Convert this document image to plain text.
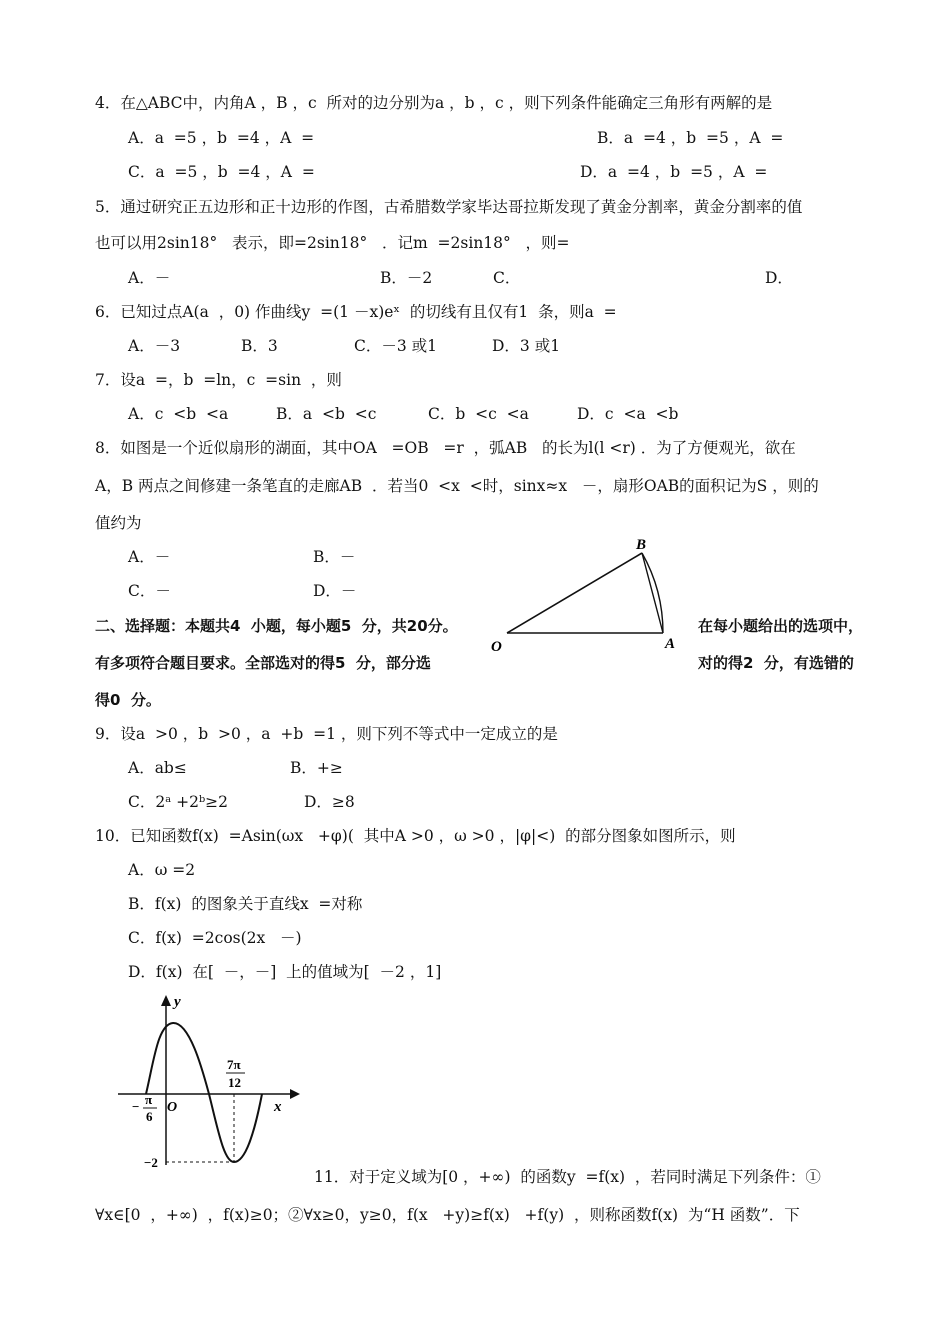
4．在△ABC中，内角A ，B ，c  所对的边分别为a ，b ，c ，则下列条件能确定三角形有两解的是
A．a  =5 ，b  =4 ，A  =	B．a  =4 ，b  =5 ，A  =
C．a  =5 ，b  =4 ，A  =	D．a  =4 ，b  =5 ，A  =
5．通过研究正五边形和正十边形的作图，古希腊数学家毕达哥拉斯发现了黄金分割率，黄金分割率的值
也可以用2sin18°   表示，即=2sin18°   ．记m  =2sin18°   ，则=
A．－	B．－2	C．	D．
6．已知过点A(a  ，0) 作曲线y  =(1 －x)eˣ  的切线有且仅有1  条，则a  =
A．－3	B．3	C．－3 或1	D．3 或1
7．设a  =，b  =ln，c  =sin  ，则
A．c  <b  <a	B．a  <b  <c	C．b  <c  <a	D．c  <a  <b
8．如图是一个近似扇形的湖面，其中OA   =OB   =r  ，弧AB   的长为l(l <r) ．为了方便观光，欲在
A，B 两点之间修建一条笔直的走廊AB  ．若当0  <x  <时，sinx≈x   －，扇形OAB的面积记为S ，则的
值约为
A．－	B．－
C．－	D．－
B
O	A
二、选择题：本题共4  小题，每小题5  分，共20分。	在每小题给出的选项中，
有多项符合题目要求。全部选对的得5  分，部分选	对的得2  分，有选错的
得0  分。
9．设a  >0 ，b  >0 ，a  +b  =1 ，则下列不等式中一定成立的是
A．ab≤	B．+≥
C．2ᵃ +2ᵇ≥2	D．≥8
10．已知函数f(x)  =Asin(ωx   +φ)(  其中A >0 ，ω >0 ，|φ|<)  的部分图象如图所示，则
A．ω =2
B．f(x)  的图象关于直线x  =对称
C．f(x)  =2cos(2x   －)
D．f(x)  在[  －，－]  上的值域为[  －2 ，1]
y
x
O
7π
12
− π
6
−2
11．对于定义域为[0 ，+∞)  的函数y  =f(x)  ，若同时满足下列条件：①
∀x∈[0  ，+∞)  ，f(x)≥0；②∀x≥0，y≥0，f(x   +y)≥f(x)   +f(y)  ，则称函数f(x)  为“H 函数”．下
